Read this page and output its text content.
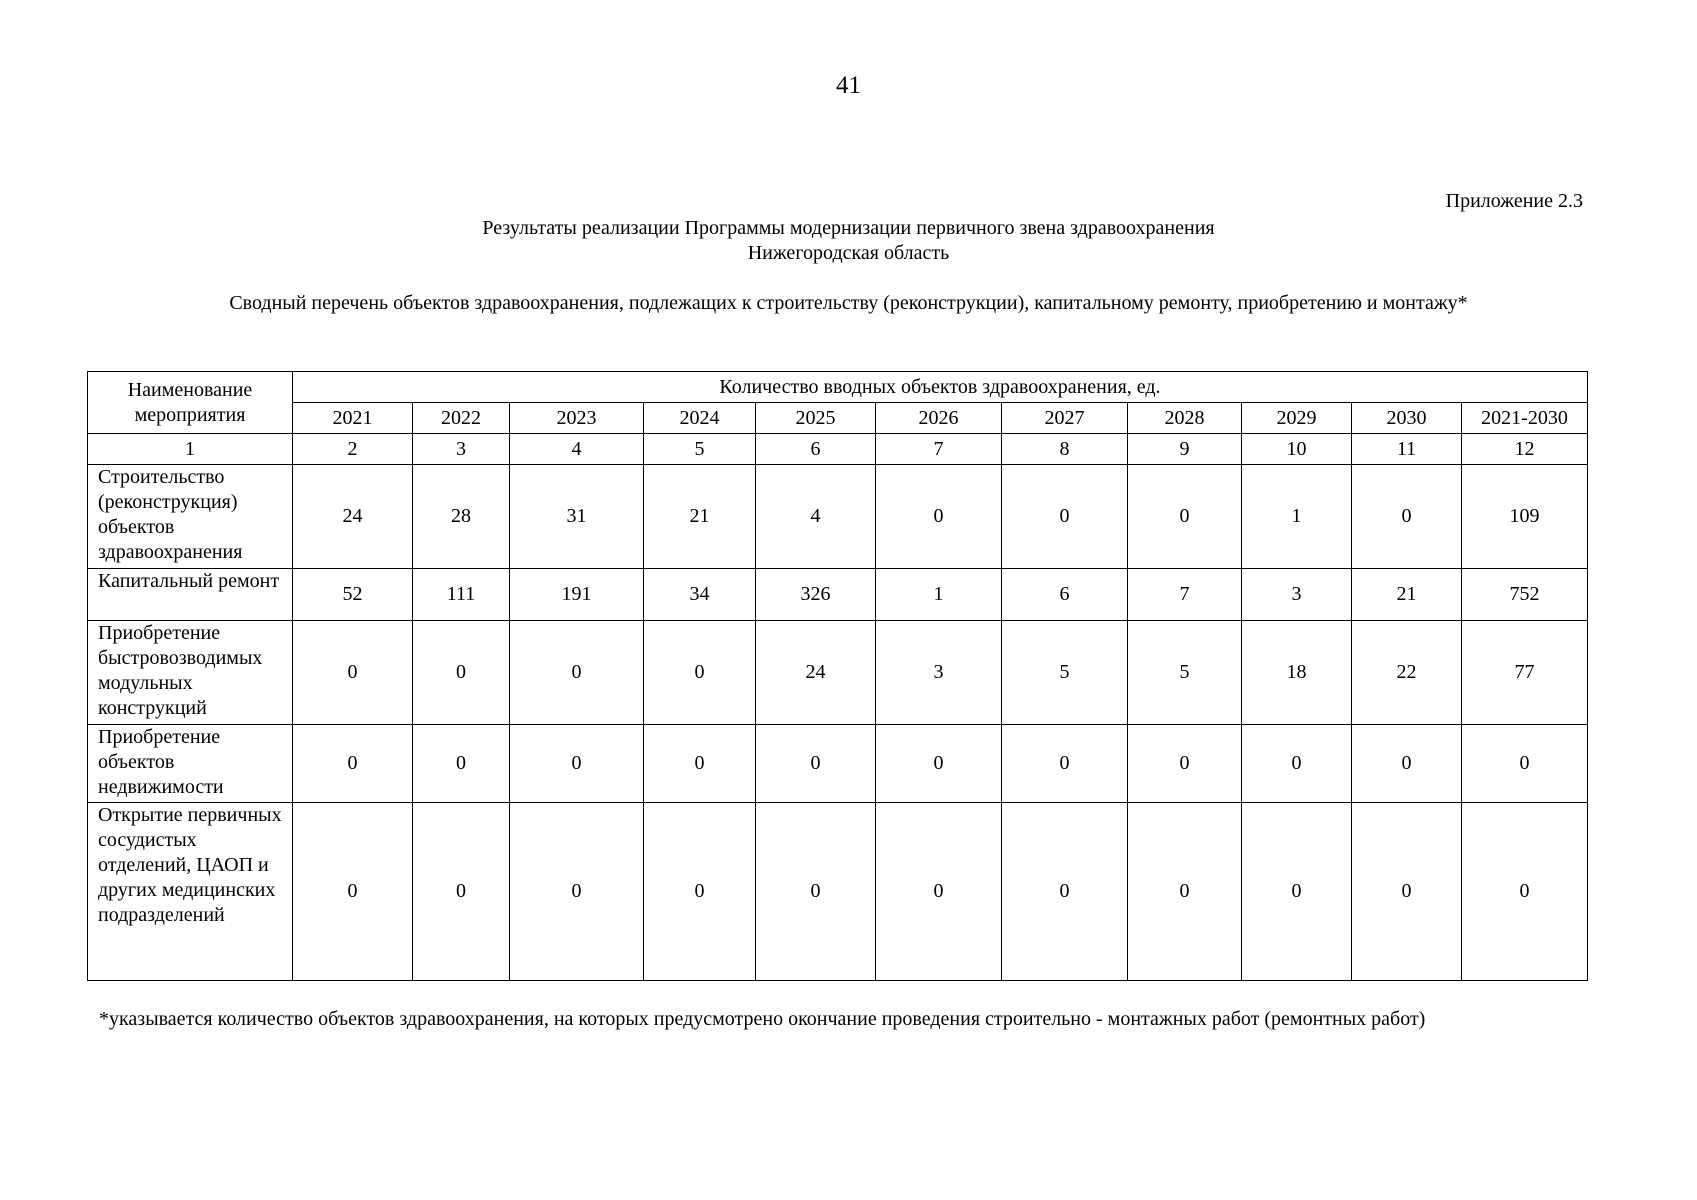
41
Приложение 2.3
Результаты реализации Программы модернизации первичного звена здравоохранения
Нижегородская область
Сводный перечень объектов здравоохранения, подлежащих к строительству (реконструкции), капитальному ремонту, приобретению и монтажу*
Наименование мероприятия	Количество вводных объектов здравоохранения, ед.										
	2021	2022	2023	2024	2025	2026	2027	2028	2029	2030	2021-2030
1	2	3	4	5	6	7	8	9	10	11	12
Строительство (реконструкция) объектов здравоохранения	24	28	31	21	4	0	0	0	1	0	109
Капитальный ремонт	52	111	191	34	326	1	6	7	3	21	752
Приобретение быстровозводимых модульных конструкций	0	0	0	0	24	3	5	5	18	22	77
Приобретение объектов недвижимости	0	0	0	0	0	0	0	0	0	0	0
Открытие первичных сосудистых отделений, ЦАОП и других медицинских подразделений	0	0	0	0	0	0	0	0	0	0	0
*указывается количество объектов здравоохранения, на которых предусмотрено окончание проведения строительно - монтажных работ (ремонтных работ)
